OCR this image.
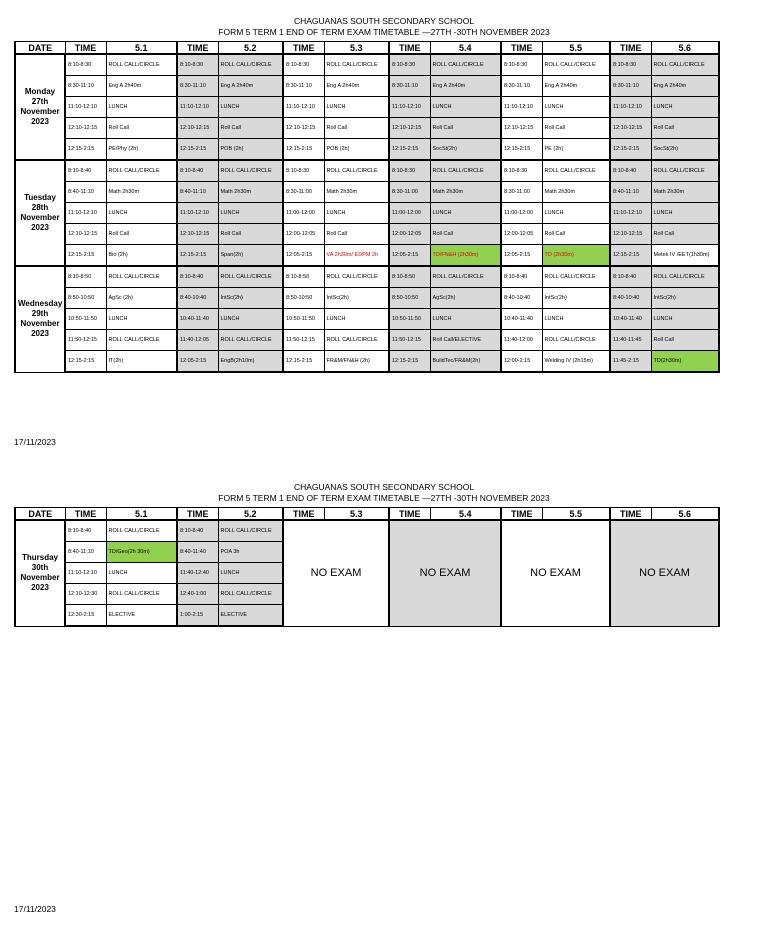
CHAGUANAS SOUTH SECONDARY SCHOOL
FORM 5 TERM 1 END OF TERM EXAM TIMETABLE —27TH -30TH NOVEMBER 2023
DATE	TIME	5.1	TIME	5.2	TIME	5.3	TIME	5.4	TIME	5.5	TIME	5.6

Monday
27th
November
2023	8:10-8:30	ROLL CALL/CIRCLE	8:10-8:30	ROLL CALL/CIRCLE	8:10-8:30	ROLL CALL/CIRCLE	8:10-8:30	ROLL CALL/CIRCLE	8:10-8:30	ROLL CALL/CIRCLE	8:10-8:30	ROLL CALL/CIRCLE
	8:30-11:10	Eng A 2h40m	8:30-11:10	Eng A 2h40m	8:30-11:10	Eng A 2h40m	8:30-11:10	Eng A 2h40m	8:30-11:10	Eng A 2h40m	8:30-11:10	Eng A 2h40m
	11:10-12:10	LUNCH	11:10-12:10	LUNCH	11:10-12:10	LUNCH	11:10-12:10	LUNCH	11:10-12:10	LUNCH	11:10-12:10	LUNCH
	12:10-12:15	Roll Call	12:10-12:15	Roll Call	12:10-12:15	Roll Call	12:10-12:15	Roll Call	12:10-12:15	Roll Call	12:10-12:15	Roll Call
	12:15-2:15	PE/Phy (2h)	12:15-2:15	POB (2h)	12:15-2:15	POB (2h)	12:15-2:15	SocSt(2h)	12:15-2:15	PE (2h)	12:15-2:15	SocSt(2h)

Tuesday
28th
November
2023	8:10-8:40	ROLL CALL/CIRCLE	8:10-8:40	ROLL CALL/CIRCLE	8:10-8:30	ROLL CALL/CIRCLE	8:10-8:30	ROLL CALL/CIRCLE	8:10-8:30	ROLL CALL/CIRCLE	8:10-8:40	ROLL CALL/CIRCLE
	8:40-11:10	Math 2h30m	8:40-11:10	Math 2h30m	8:30-11:00	Math 2h30m	8:30-11:00	Math 2h30m	8:30-11:00	Math 2h30m	8:40-11:10	Math 2h30m
	11:10-12:10	LUNCH	11:10-12:10	LUNCH	11:00-12:00	LUNCH	11:00-12:00	LUNCH	11:00-12:00	LUNCH	11:10-12:10	LUNCH
	12:10-12:15	Roll Call	12:10-12:15	Roll Call	12:00-12:05	Roll Call	12:00-12:05	Roll Call	12:00-12:05	Roll Call	12:10-12:15	Roll Call
	12:15-2:15	Bio (2h)	12:15-2:15	Span(2h)	12:05-2:15	VA 2h30m/ EDPM 2h	12:05-2:15	TD/FN&H (2h30m)	12:05-2:15	TD (2h30m)	12:15-2:15	Metek IV /EET(1h30m)

Wednesday
29th
November
2023	8:10-8:50	ROLL CALL/CIRCLE	8:10-8:40	ROLL CALL/CIRCLE	8:10-8:50	ROLL CALL/CIRCLE	8:10-8:50	ROLL CALL/CIRCLE	8:10-8:40	ROLL CALL/CIRCLE	8:10-8:40	ROLL CALL/CIRCLE
	8:50-10:50	AgSc (2h)	8:40-10:40	IntSc(2h)	8:50-10:50	IntSc(2h)	8:50-10:50	AgSc(2h)	8:40-10:40	IntSc(2h)	8:40-10:40	IntSc(2h)
	10:50-11:50	LUNCH	10:40-11:40	LUNCH	10:50-11:50	LUNCH	10:50-11:50	LUNCH	10:40-11:40	LUNCH	10:40-11:40	LUNCH
	11:50-12:15	ROLL CALL/CIRCLE	11:40-12:05	ROLL CALL/CIRCLE	11:50-12:15	ROLL CALL/CIRCLE	11:50-12:15	Roll Call/ELECTIVE	11:40-12:00	ROLL CALL/CIRCLE	11:40-11:45	Roll Call
	12:15-2:15	IT(2h)	12:05-2:15	EngB(2h10m)	12:15-2:15	FR&M/FN&H (2h)	12:15-2:15	BuildTec/FR&M(2h)	12:00-2:15	Welding IV (2h15m)	11:45-2:15	TD(2h30m)
17/11/2023
CHAGUANAS SOUTH SECONDARY SCHOOL
FORM 5 TERM 1 END OF TERM EXAM TIMETABLE —27TH -30TH NOVEMBER 2023
DATE	TIME	5.1	TIME	5.2	TIME	5.3	TIME	5.4	TIME	5.5	TIME	5.6

Thursday
30th
November
2023	8:10-8:40	ROLL CALL/CIRCLE	8:10-8:40	ROLL CALL/CIRCLE	NO EXAM		NO EXAM		NO EXAM		NO EXAM	
	8:40-11;10	TD/Geo(2h 30m)	8:40-11:40	POA 3h								
	11:10-12:10	LUNCH	11:40-12:40	LUNCH								
	12:10-12:30	ROLL CALL/CIRCLE	12:40-1:00	ROLL CALL/CIRCLE								
	12:30-2:15	ELECTIVE	1:00-2:15	ELECTIVE								
17/11/2023
